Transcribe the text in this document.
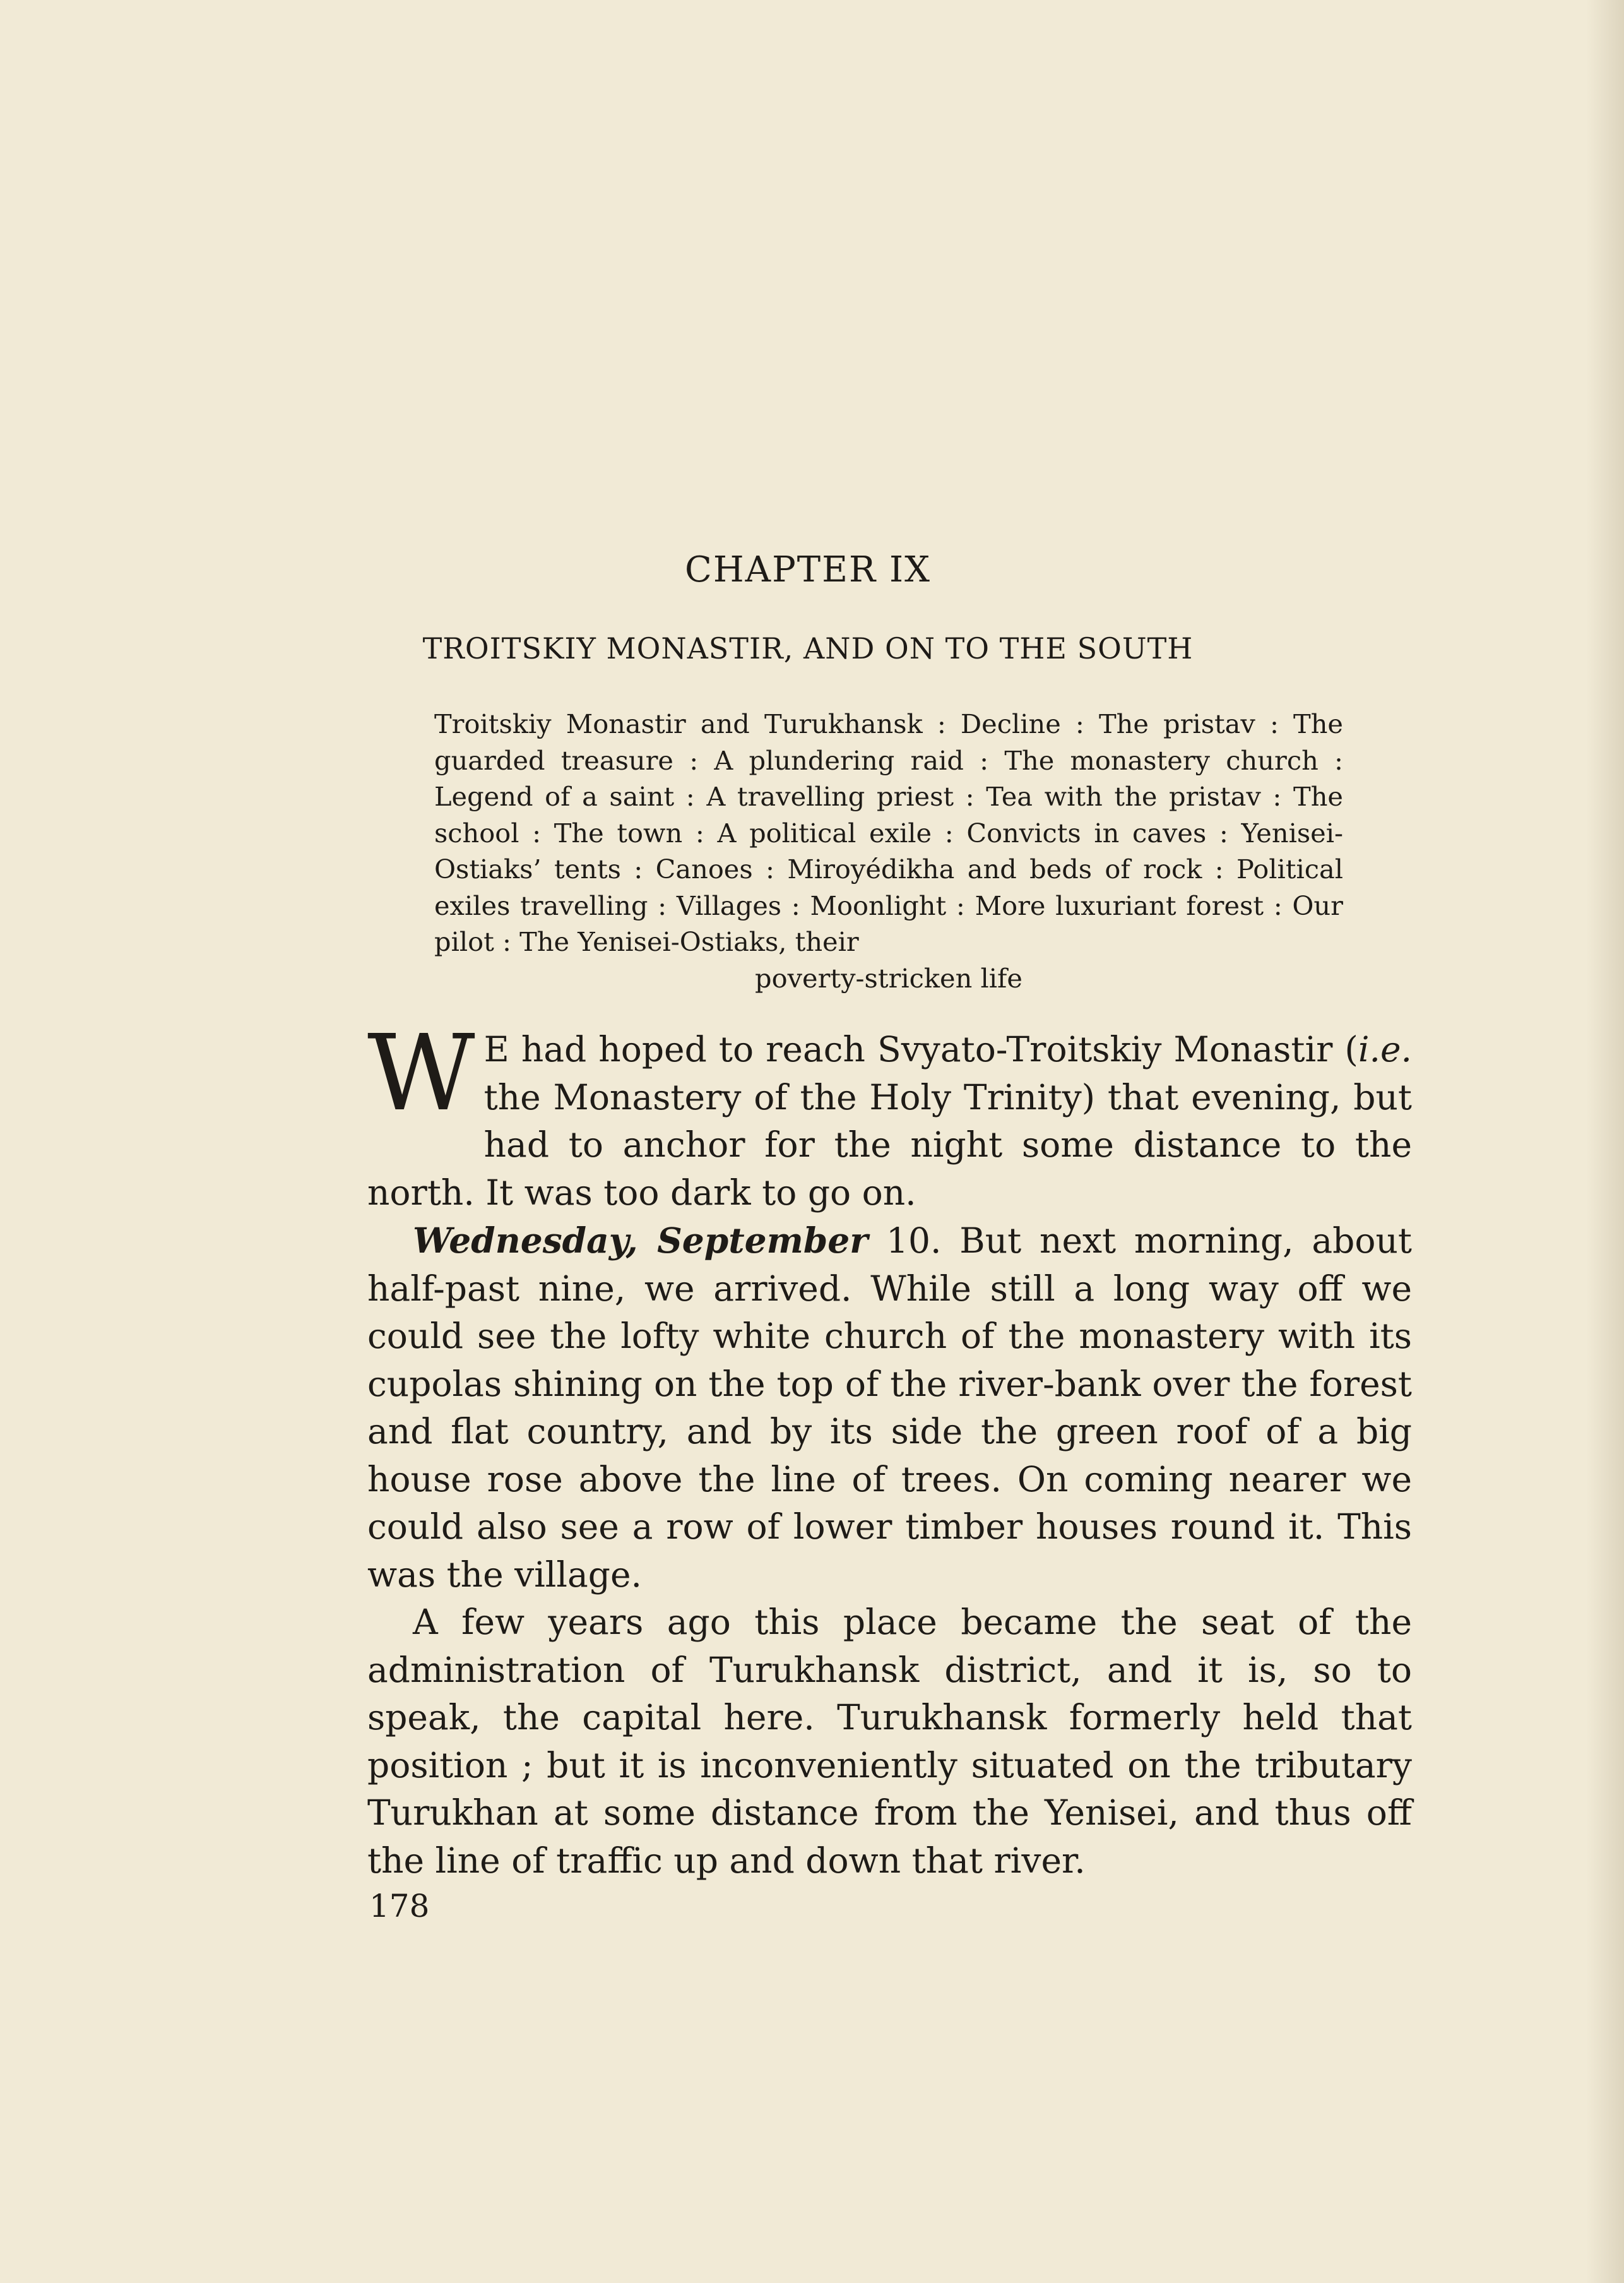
CHAPTER IX
TROITSKIY MONASTIR, AND ON TO THE SOUTH
Troitskiy Monastir and Turukhansk : Decline : The pristav : The guarded treasure : A plundering raid : The monastery church : Legend of a saint : A travelling priest : Tea with the pristav : The school : The town : A political exile : Convicts in caves : Yenisei-Ostiaks’ tents : Canoes : Miroyédikha and beds of rock : Political exiles travelling : Villages : Moonlight : More luxuriant forest : Our pilot : The Yenisei-Ostiaks, their
poverty-stricken life

W E had hoped to reach Svyato-Troitskiy Monastir (i.e. the Monastery of the Holy Trinity) that evening, but had to anchor for the night some distance to the north. It was too dark to go on.

Wednesday, September 10. But next morning, about half-past nine, we arrived. While still a long way off we could see the lofty white church of the monastery with its cupolas shining on the top of the river-bank over the forest and flat country, and by its side the green roof of a big house rose above the line of trees. On coming nearer we could also see a row of lower timber houses round it. This was the village.

A few years ago this place became the seat of the administration of Turukhansk district, and it is, so to speak, the capital here. Turukhansk formerly held that position ; but it is inconveniently situated on the tributary Turukhan at some distance from the Yenisei, and thus off the line of traffic up and down that river.

178
